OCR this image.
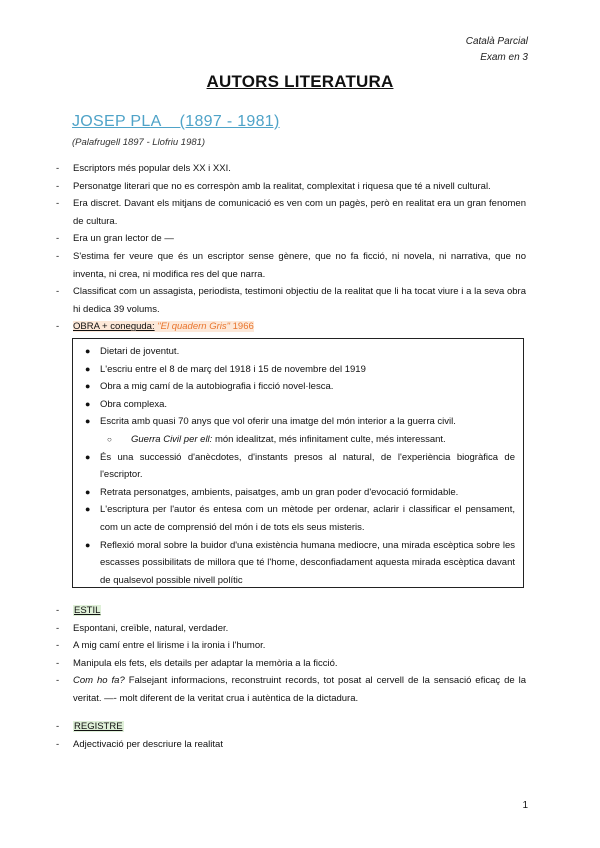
Català Parcial
Exam en 3
AUTORS LITERATURA
JOSEP PLA    (1897 - 1981)
(Palafrugell 1897 - Llofriu 1981)
- Escriptors més popular dels XX i XXI.
- Personatge literari que no es correspòn amb la realitat, complexitat i riquesa que té a nivell cultural.
- Era discret. Davant els mitjans de comunicació es ven com un pagès, però en realitat era un gran fenomen de cultura.
- Era un gran lector de —
- S'estima fer veure que és un escriptor sense gènere, que no fa ficció, ni novela, ni narrativa, que no inventa, ni crea, ni modifica res del que narra.
- Classificat com un assagista, periodista, testimoni objectiu de la realitat que li ha tocat viure i a la seva obra hi dedica 39 volums.
- OBRA + coneguda: "El quadern Gris" 1966
● Dietari de joventut.
● L'escriu entre el 8 de març del 1918 i 15 de novembre del 1919
● Obra a mig camí de la autobiografia i ficció novel·lesca.
● Obra complexa.
● Escrita amb quasi 70 anys que vol oferir una imatge del món interior a la guerra civil.
○ Guerra Civil per ell: món idealitzat, més infinitament culte, més interessant.
● És una successió d'anècdotes, d'instants presos al natural, de l'experiència biogràfica de l'escriptor.
● Retrata personatges, ambients, paisatges, amb un gran poder d'evocació formidable.
● L'escriptura per l'autor és entesa com un mètode per ordenar, aclarir i classificar el pensament, com un acte de comprensió del món i de tots els seus misteris.
● Reflexió moral sobre la buidor d'una existència humana mediocre, una mirada escèptica sobre les escasses possibilitats de millora que té l'home, desconfiadament aquesta mirada escèptica davant de qualsevol possible nivell polític
- ESTIL
- Espontani, creïble, natural, verdader.
- A mig camí entre el lirisme i la ironia i l'humor.
- Manipula els fets, els details per adaptar la memòria a la ficció.
- Com ho fa? Falsejant informacions, reconstruint records, tot posat al cervell de la sensació eficaç de la veritat. —- molt diferent de la veritat crua i autèntica de la dictadura.
- REGISTRE
- Adjectivació per descriure la realitat
1
